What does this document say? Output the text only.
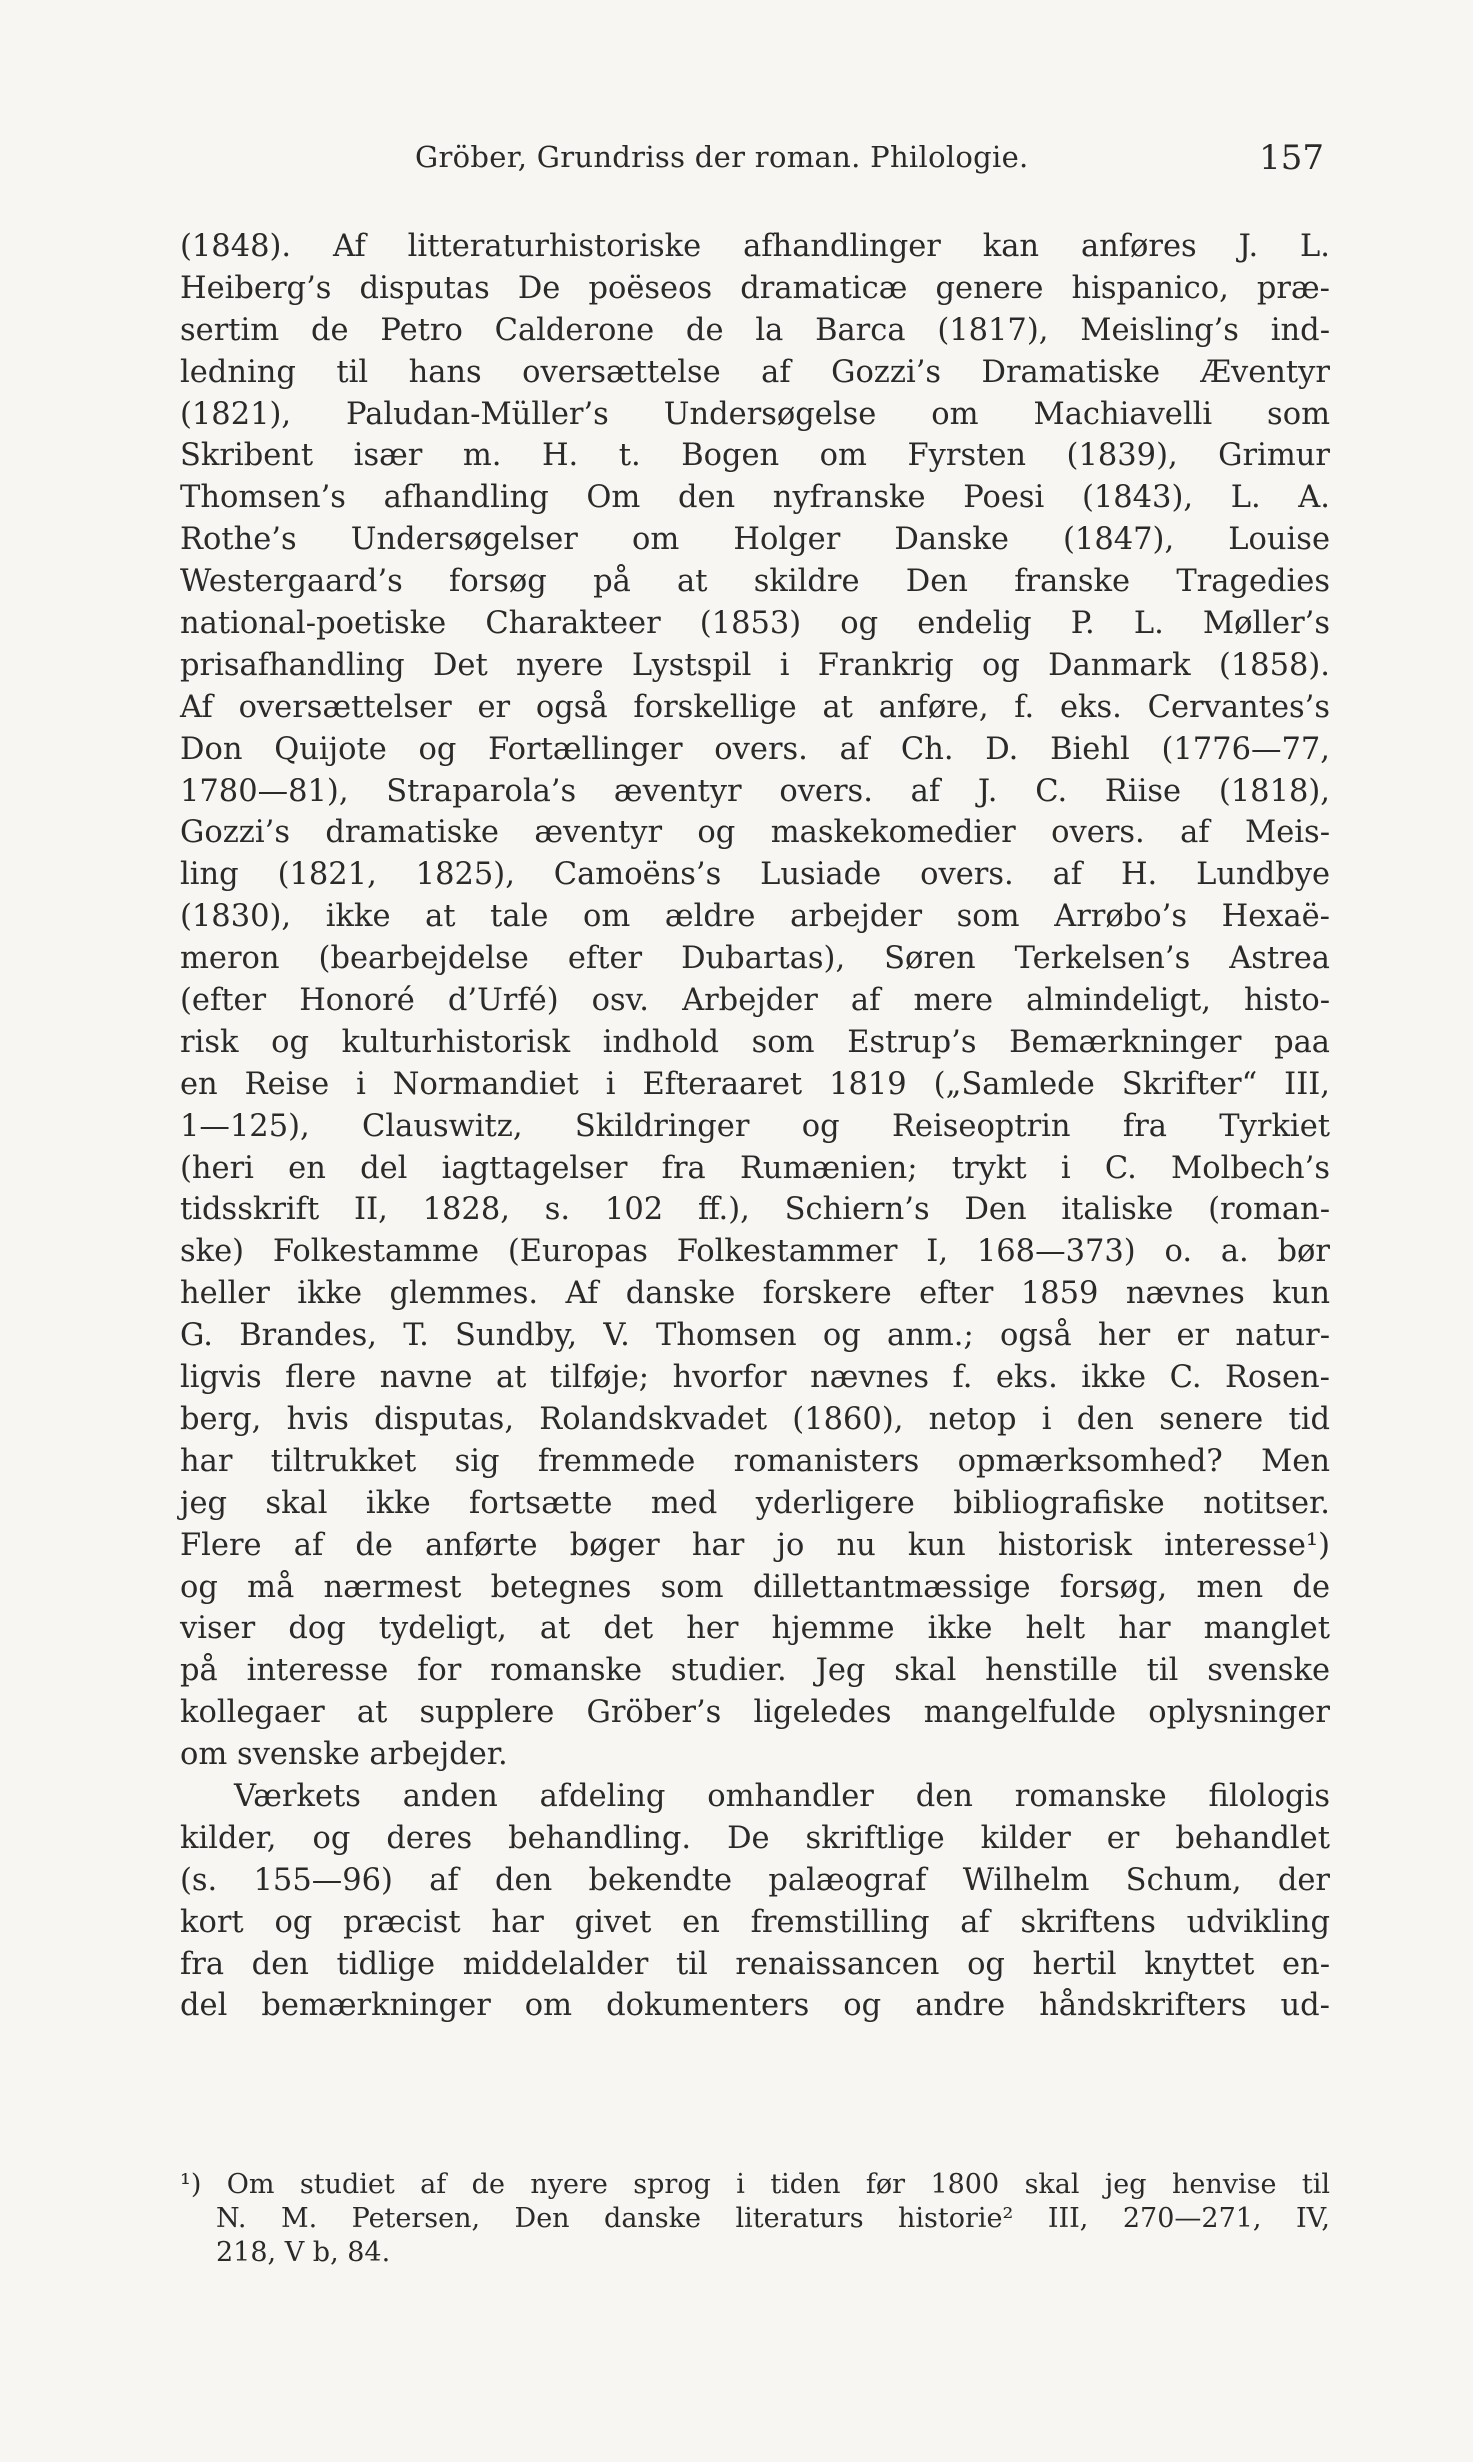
Gröber, Grundriss der roman. Philologie.	157
(1848). Af litteraturhistoriske afhandlinger kan anføres J. L.
Heiberg’s disputas De poëseos dramaticæ genere hispanico, præ-
sertim de Petro Calderone de la Barca (1817), Meisling’s ind-
ledning til hans oversættelse af Gozzi’s Dramatiske Æventyr
(1821), Paludan-Müller’s Undersøgelse om Machiavelli som
Skribent især m. H. t. Bogen om Fyrsten (1839), Grimur
Thomsen’s afhandling Om den nyfranske Poesi (1843), L. A.
Rothe’s Undersøgelser om Holger Danske (1847), Louise
Westergaard’s forsøg på at skildre Den franske Tragedies
national-poetiske Charakteer (1853) og endelig P. L. Møller’s
prisafhandling Det nyere Lystspil i Frankrig og Danmark (1858).
Af oversættelser er også forskellige at anføre, f. eks. Cervantes’s
Don Quijote og Fortællinger overs. af Ch. D. Biehl (1776—77,
1780—81), Straparola’s æventyr overs. af J. C. Riise (1818),
Gozzi’s dramatiske æventyr og maskekomedier overs. af Meis-
ling (1821, 1825), Camoëns’s Lusiade overs. af H. Lundbye
(1830), ikke at tale om ældre arbejder som Arrøbo’s Hexaë-
meron (bearbejdelse efter Dubartas), Søren Terkelsen’s Astrea
(efter Honoré d’Urfé) osv. Arbejder af mere almindeligt, histo-
risk og kulturhistorisk indhold som Estrup’s Bemærkninger paa
en Reise i Normandiet i Efteraaret 1819 („Samlede Skrifter“ III,
1—125), Clauswitz, Skildringer og Reiseoptrin fra Tyrkiet
(heri en del iagttagelser fra Rumænien; trykt i C. Molbech’s
tidsskrift II, 1828, s. 102 ff.), Schiern’s Den italiske (roman-
ske) Folkestamme (Europas Folkestammer I, 168—373) o. a. bør
heller ikke glemmes. Af danske forskere efter 1859 nævnes kun
G. Brandes, T. Sundby, V. Thomsen og anm.; også her er natur-
ligvis flere navne at tilføje; hvorfor nævnes f. eks. ikke C. Rosen-
berg, hvis disputas, Rolandskvadet (1860), netop i den senere tid
har tiltrukket sig fremmede romanisters opmærksomhed? Men
jeg skal ikke fortsætte med yderligere bibliografiske notitser.
Flere af de anførte bøger har jo nu kun historisk interesse¹)
og må nærmest betegnes som dillettantmæssige forsøg, men de
viser dog tydeligt, at det her hjemme ikke helt har manglet
på interesse for romanske studier. Jeg skal henstille til svenske
kollegaer at supplere Gröber’s ligeledes mangelfulde oplysninger
om svenske arbejder.
Værkets anden afdeling omhandler den romanske filologis
kilder, og deres behandling. De skriftlige kilder er behandlet
(s. 155—96) af den bekendte palæograf Wilhelm Schum, der
kort og præcist har givet en fremstilling af skriftens udvikling
fra den tidlige middelalder til renaissancen og hertil knyttet en-
del bemærkninger om dokumenters og andre håndskrifters ud-
¹) Om studiet af de nyere sprog i tiden før 1800 skal jeg henvise til
N. M. Petersen, Den danske literaturs historie² III, 270—271, IV,
218, V b, 84.
